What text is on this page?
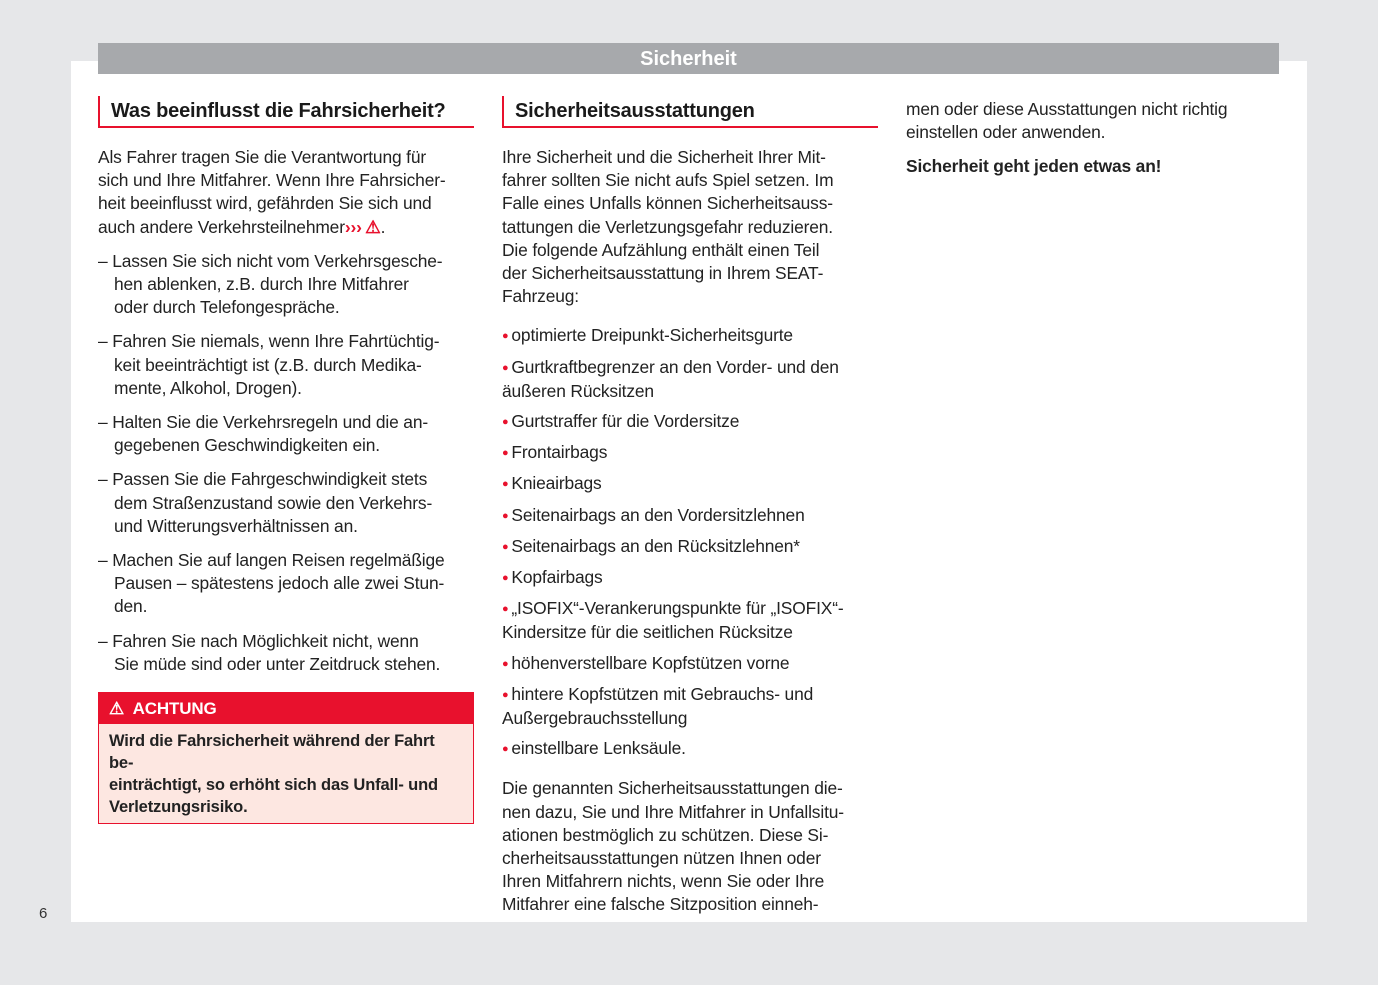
Sicherheit
Was beeinflusst die Fahrsicherheit?
Als Fahrer tragen Sie die Verantwortung für
sich und Ihre Mitfahrer. Wenn Ihre Fahrsicher-
heit beeinflusst wird, gefährden Sie sich und
auch andere Verkehrsteilnehmer›››  ⚠.
– Lassen Sie sich nicht vom Verkehrsgesche-
hen ablenken, z.B. durch Ihre Mitfahrer
oder durch Telefongespräche.
– Fahren Sie niemals, wenn Ihre Fahrtüchtig-
keit beeinträchtigt ist (z.B. durch Medika-
mente, Alkohol, Drogen).
– Halten Sie die Verkehrsregeln und die an-
gegebenen Geschwindigkeiten ein.
– Passen Sie die Fahrgeschwindigkeit stets
dem Straßenzustand sowie den Verkehrs-
und Witterungsverhältnissen an.
– Machen Sie auf langen Reisen regelmäßige
Pausen – spätestens jedoch alle zwei Stun-
den.
– Fahren Sie nach Möglichkeit nicht, wenn
Sie müde sind oder unter Zeitdruck stehen.
⚠ ACHTUNG
Wird die Fahrsicherheit während der Fahrt be-
einträchtigt, so erhöht sich das Unfall- und
Verletzungsrisiko.
Sicherheitsausstattungen
Ihre Sicherheit und die Sicherheit Ihrer Mit-
fahrer sollten Sie nicht aufs Spiel setzen. Im
Falle eines Unfalls können Sicherheitsauss-
tattungen die Verletzungsgefahr reduzieren.
Die folgende Aufzählung enthält einen Teil
der Sicherheitsausstattung in Ihrem SEAT-
Fahrzeug:
● optimierte Dreipunkt-Sicherheitsgurte
● Gurtkraftbegrenzer an den Vorder- und den
äußeren Rücksitzen
● Gurtstraffer für die Vordersitze
● Frontairbags
● Knieairbags
● Seitenairbags an den Vordersitzlehnen
● Seitenairbags an den Rücksitzlehnen*
● Kopfairbags
● „ISOFIX“-Verankerungspunkte für „ISOFIX“-
Kindersitze für die seitlichen Rücksitze
● höhenverstellbare Kopfstützen vorne
● hintere Kopfstützen mit Gebrauchs- und
Außergebrauchsstellung
● einstellbare Lenksäule.
Die genannten Sicherheitsausstattungen die-
nen dazu, Sie und Ihre Mitfahrer in Unfallsitu-
ationen bestmöglich zu schützen. Diese Si-
cherheitsausstattungen nützen Ihnen oder
Ihren Mitfahrern nichts, wenn Sie oder Ihre
Mitfahrer eine falsche Sitzposition einneh-
men oder diese Ausstattungen nicht richtig
einstellen oder anwenden.
Sicherheit geht jeden etwas an!
6
